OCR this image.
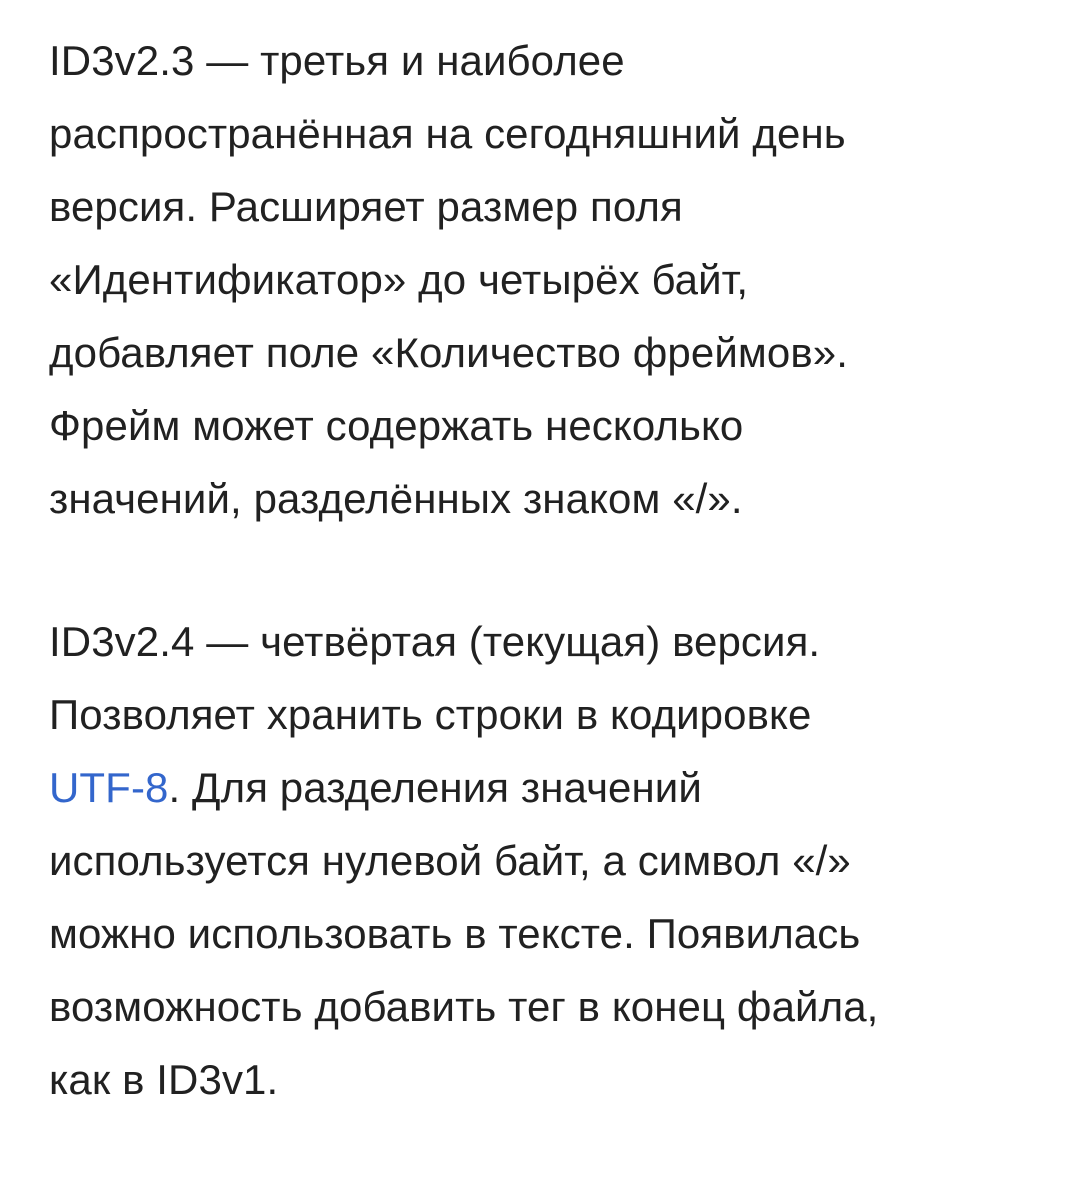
ID3v2.3 — третья и наиболее
распространённая на сегодняшний день
версия. Расширяет размер поля
«Идентификатор» до четырёх байт,
добавляет поле «Количество фреймов».
Фрейм может содержать несколько
значений, разделённых знаком «/».

ID3v2.4 — четвёртая (текущая) версия.
Позволяет хранить строки в кодировке
UTF-8. Для разделения значений
используется нулевой байт, а символ «/»
можно использовать в тексте. Появилась
возможность добавить тег в конец файла,
как в ID3v1.
